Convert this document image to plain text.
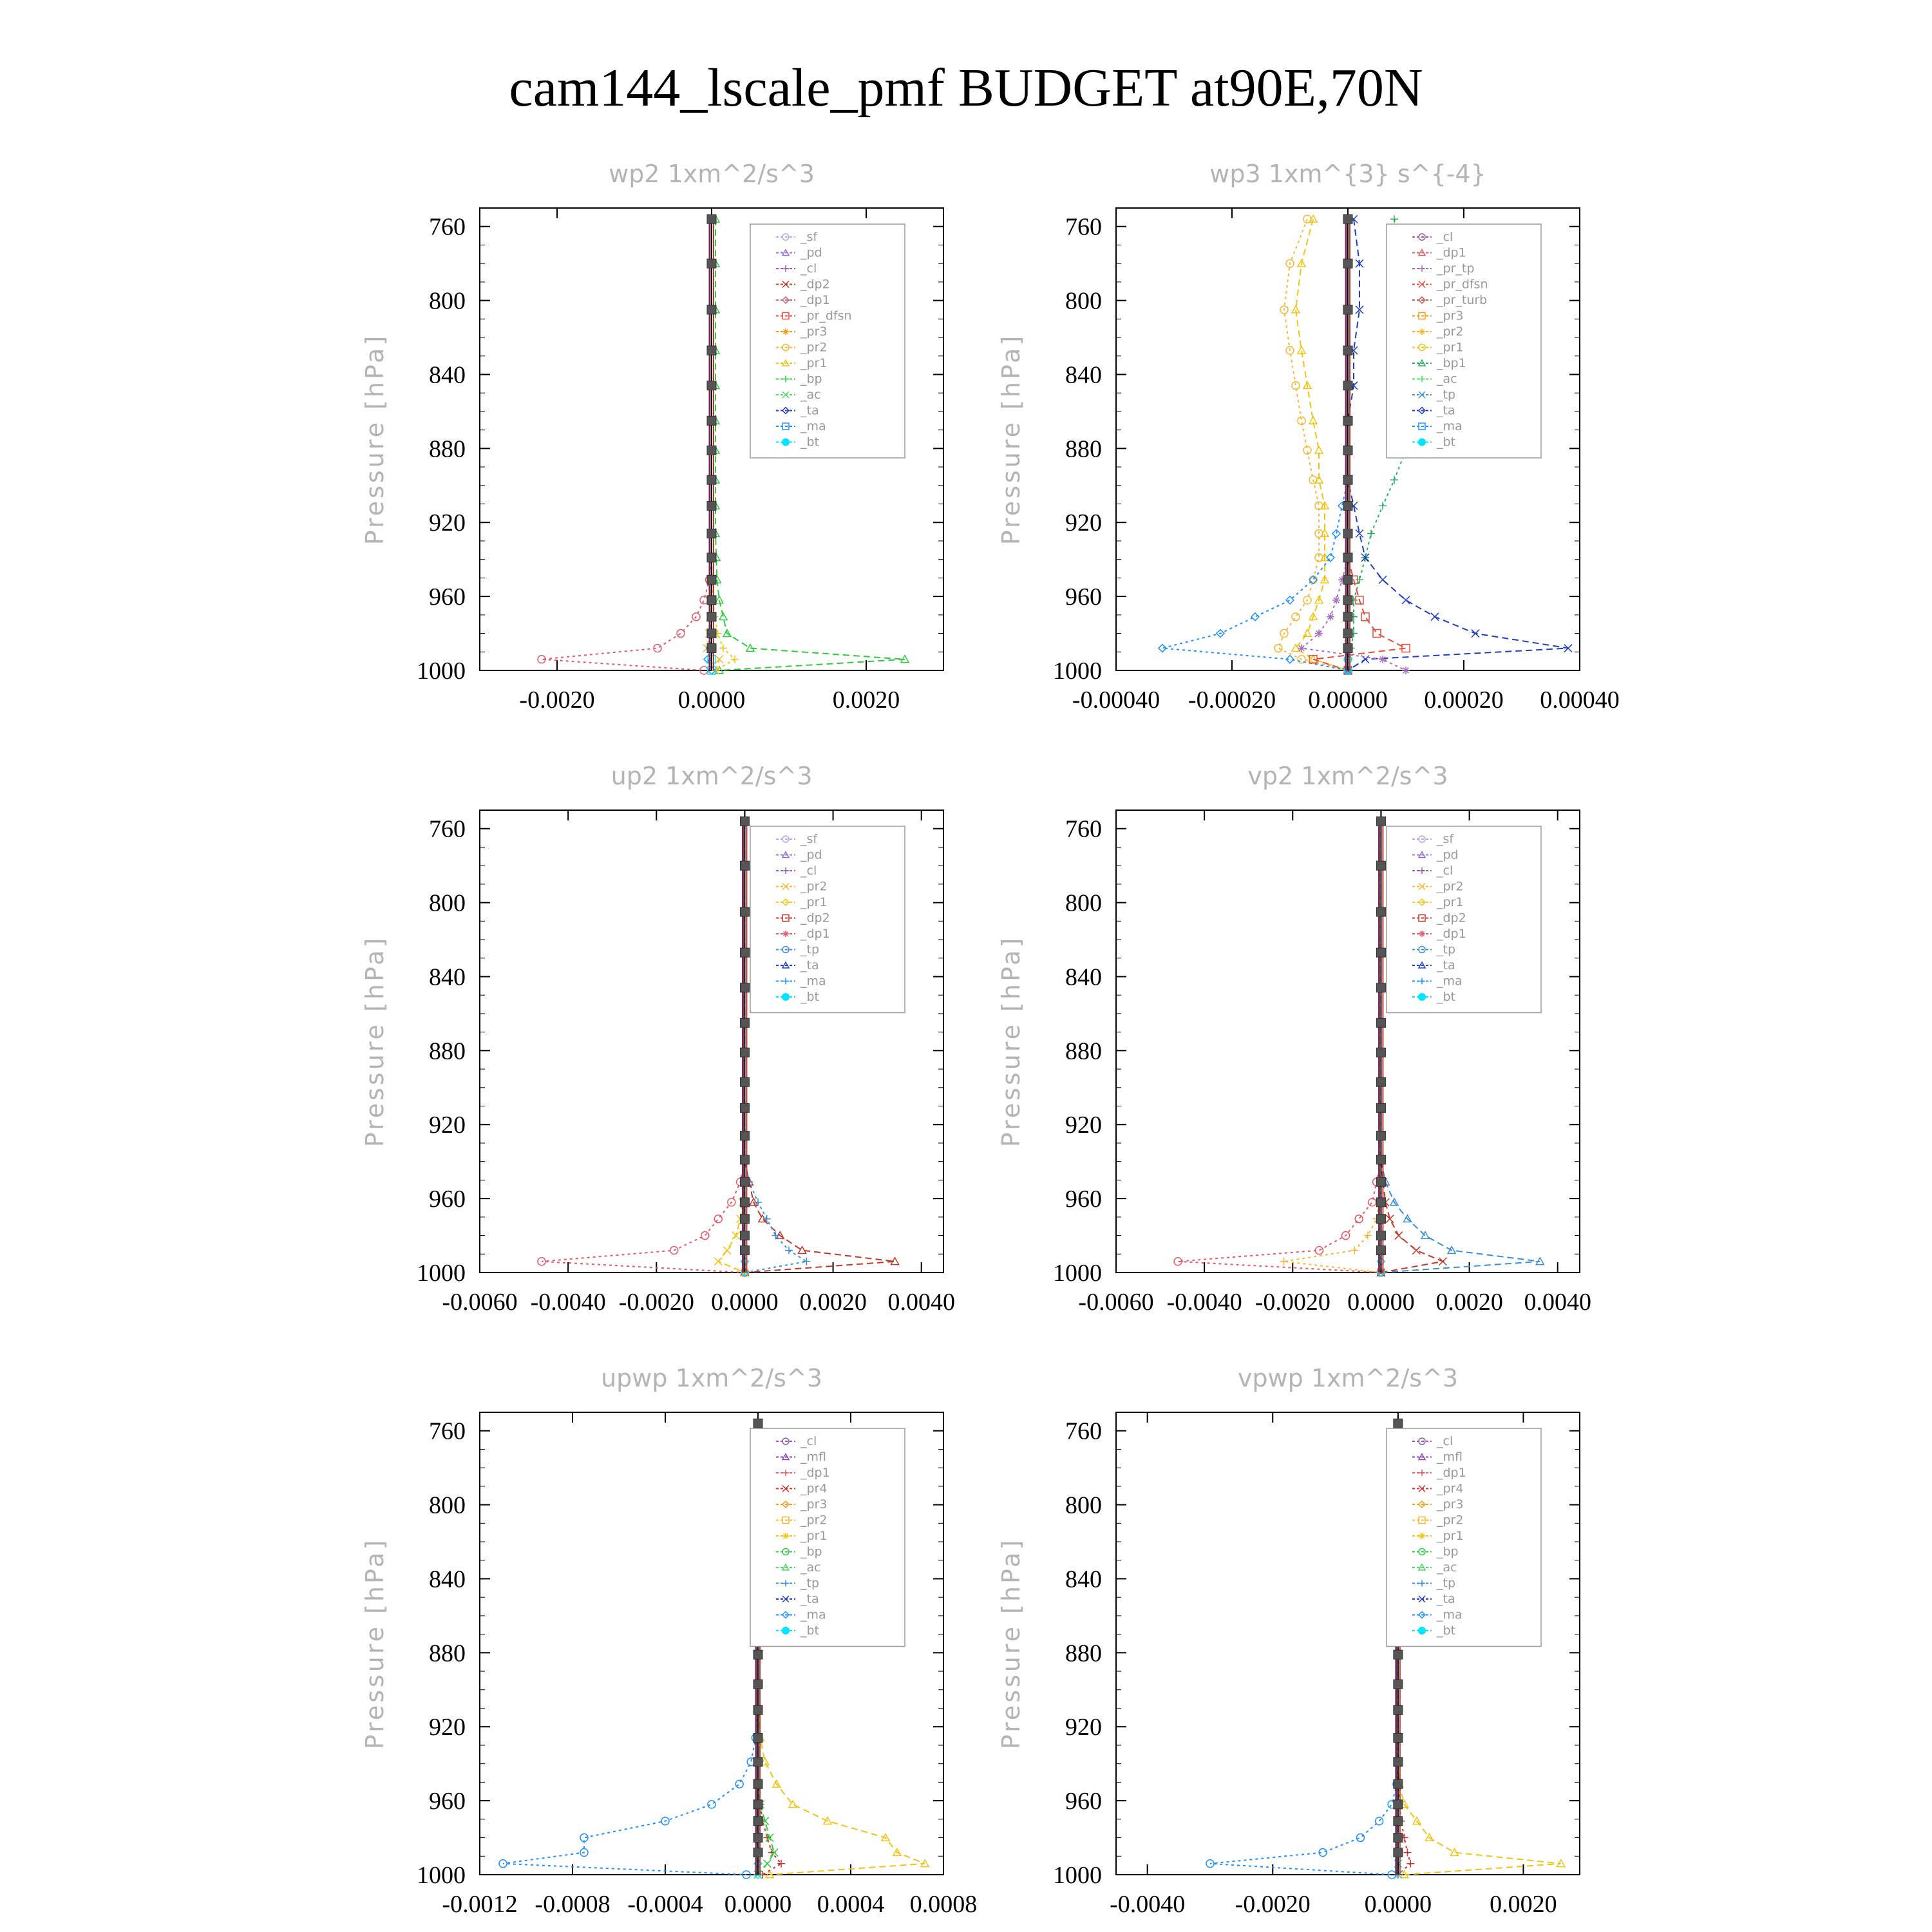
cam144_lscale_pmf BUDGET at90E,70N
wp2 1xm^2/s^3
Pressure [hPa]
760
800
840
880
920
960
1000
-0.0020	0.0000	0.0020
_sf
_pd
_cl
_dp2
_dp1
_pr_dfsn
_pr3
_pr2
_pr1
_bp
_ac
_ta
_ma
_bt
wp3 1xm^{3} s^{-4}
Pressure [hPa]
760
800
840
880
920
960
1000
-0.00040 -0.00020 0.00000 0.00020 0.00040
_cl
_dp1
_pr_tp
_pr_dfsn
_pr_turb
_pr3
_pr2
_pr1
_bp1
_ac
_tp
_ta
_ma
_bt
up2 1xm^2/s^3
Pressure [hPa]
760
800
840
880
920
960
1000
-0.0060 -0.0040 -0.0020 0.0000 0.0020 0.0040
_sf
_pd
_cl
_pr2
_pr1
_dp2
_dp1
_tp
_ta
_ma
_bt
vp2 1xm^2/s^3
Pressure [hPa]
760
800
840
880
920
960
1000
-0.0060 -0.0040 -0.0020 0.0000 0.0020 0.0040
_sf
_pd
_cl
_pr2
_pr1
_dp2
_dp1
_tp
_ta
_ma
_bt
upwp 1xm^2/s^3
Pressure [hPa]
760
800
840
880
920
960
1000
-0.0012 -0.0008 -0.0004 0.0000 0.0004 0.0008
_cl
_mfl
_dp1
_pr4
_pr3
_pr2
_pr1
_bp
_ac
_tp
_ta
_ma
_bt
vpwp 1xm^2/s^3
Pressure [hPa]
760
800
840
880
920
960
1000
-0.0040 -0.0020 0.0000 0.0020
_cl
_mfl
_dp1
_pr4
_pr3
_pr2
_pr1
_bp
_ac
_tp
_ta
_ma
_bt
